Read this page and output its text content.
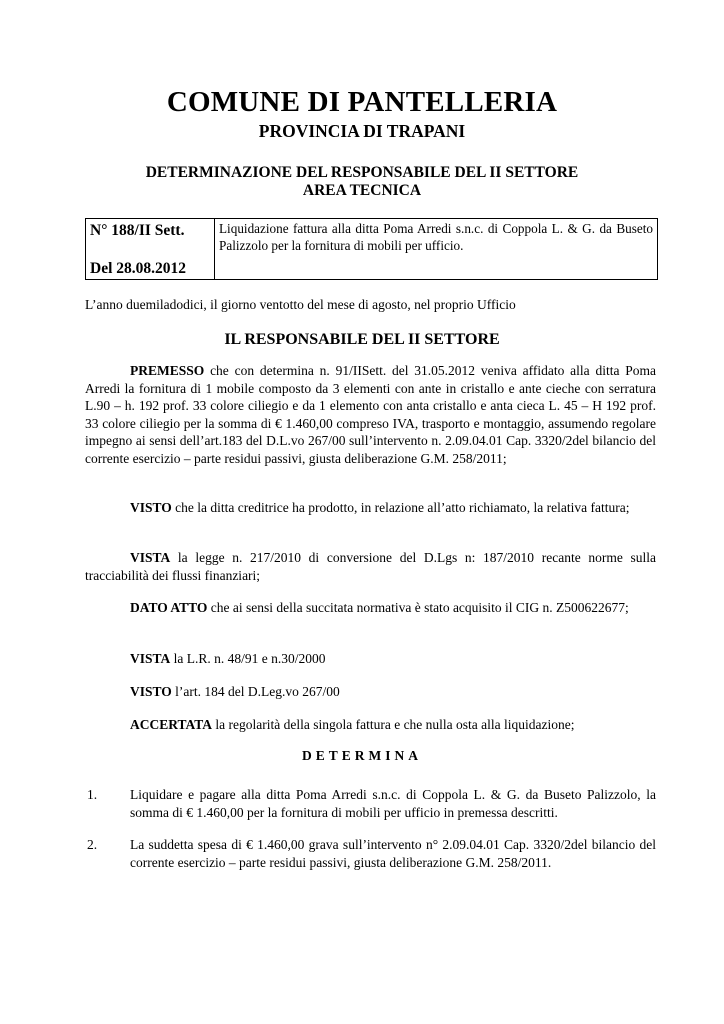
COMUNE DI PANTELLERIA
PROVINCIA DI TRAPANI
DETERMINAZIONE DEL RESPONSABILE DEL II SETTORE
AREA TECNICA
N° 188/II Sett.
Del 28.08.2012
Liquidazione fattura alla ditta Poma Arredi s.n.c. di Coppola L. & G. da Buseto Palizzolo per la fornitura di mobili per ufficio.
L’anno duemiladodici, il giorno ventotto del mese di agosto, nel proprio Ufficio
IL RESPONSABILE DEL II SETTORE
PREMESSO che con determina n. 91/IISett. del 31.05.2012 veniva affidato alla ditta Poma Arredi la fornitura di 1 mobile composto da 3 elementi con ante in cristallo e ante cieche con serratura L.90 – h. 192 prof. 33 colore ciliegio e da 1 elemento con anta cristallo e anta cieca L. 45 – H 192 prof. 33 colore ciliegio per la somma di € 1.460,00 compreso IVA, trasporto e montaggio, assumendo regolare impegno ai sensi dell’art.183 del D.L.vo 267/00 sull’intervento n. 2.09.04.01 Cap. 3320/2del bilancio del corrente esercizio – parte residui passivi, giusta deliberazione G.M. 258/2011;
VISTO che la ditta creditrice ha prodotto, in relazione all’atto richiamato, la relativa fattura;
VISTA la legge n. 217/2010 di conversione del D.Lgs n: 187/2010 recante norme sulla tracciabilità dei flussi finanziari;
DATO ATTO che ai sensi della succitata normativa è stato acquisito il CIG n. Z500622677;
VISTA la L.R. n. 48/91 e n.30/2000
VISTO l’art. 184 del D.Leg.vo 267/00
ACCERTATA la regolarità della singola fattura e che nulla osta alla liquidazione;
DETERMINA
1. Liquidare e pagare alla ditta Poma Arredi s.n.c. di Coppola L. & G. da Buseto Palizzolo, la somma di € 1.460,00 per la fornitura di mobili per ufficio in premessa descritti.
2. La suddetta spesa di € 1.460,00 grava sull’intervento n° 2.09.04.01 Cap. 3320/2del bilancio del corrente esercizio – parte residui passivi, giusta deliberazione G.M. 258/2011.
